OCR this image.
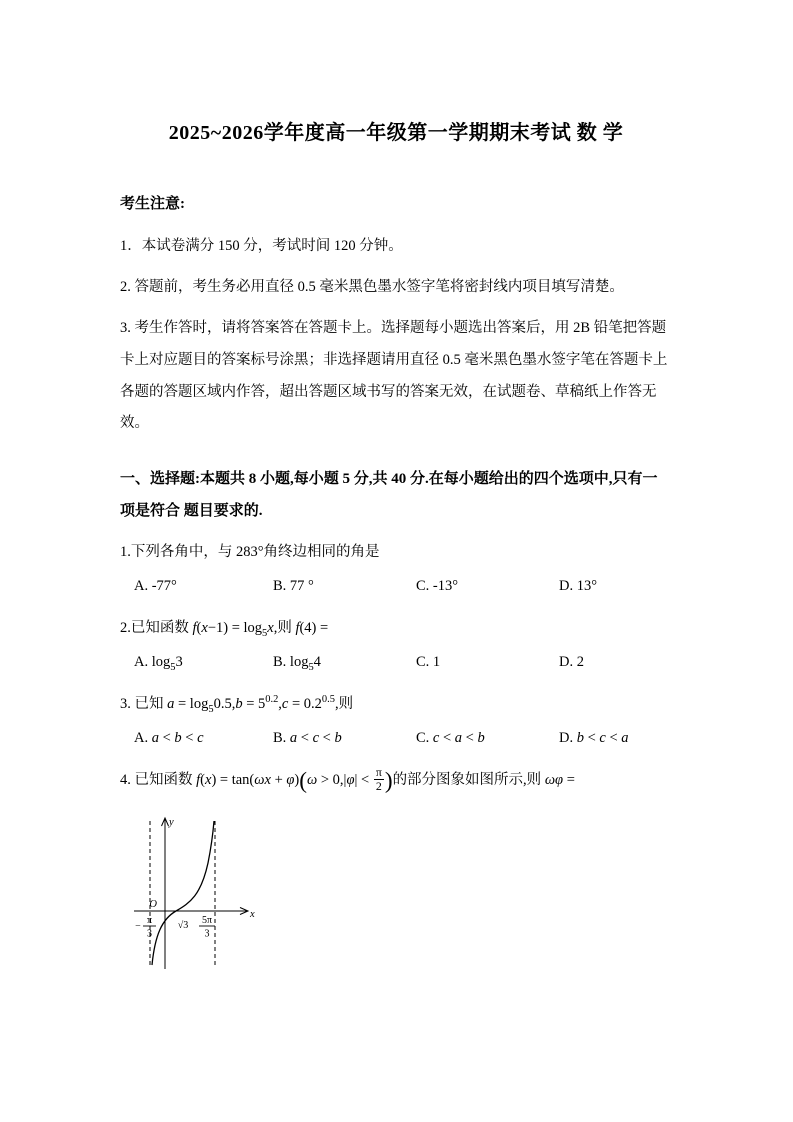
2025~2026学年度高一年级第一学期期末考试 数 学

考生注意:

1．本试卷满分 150 分，考试时间 120 分钟。

2. 答题前，考生务必用直径 0.5 毫米黑色墨水签字笔将密封线内项目填写清楚。

3. 考生作答时，请将答案答在答题卡上。选择题每小题选出答案后，用 2B 铅笔把答题卡上对应题目的答案标号涂黑；非选择题请用直径 0.5 毫米黑色墨水签字笔在答题卡上各题的答题区域内作答，超出答题区域书写的答案无效，在试题卷、草稿纸上作答无效。

一、选择题:本题共 8 小题,每小题 5 分,共 40 分.在每小题给出的四个选项中,只有一项是符合 题目要求的.

1.下列各角中，与 283°角终边相同的角是

A. -77°	B. 77 °	C. -13°	D. 13°

2.已知函数 $f(x-1) = \log_5x$,则 f(4) =

A. $\log_53$	B. $\log_54$	C. 1	D. 2

3. 已知 $a = \log_50.5,b = 5^{0.2},c = 0.2^{0.5}$,则

A. a < b < c	B. a < c < b	C. c < a < b	D. b < c < a

4. 已知函数 $f(x) = \tan(\omega x + \varphi)(\omega > 0,|\varphi| < \frac{\pi}{2}$ )的部分图象如图所示,则 ωφ =

y
x
O
−
π
3
√3 5π
3
